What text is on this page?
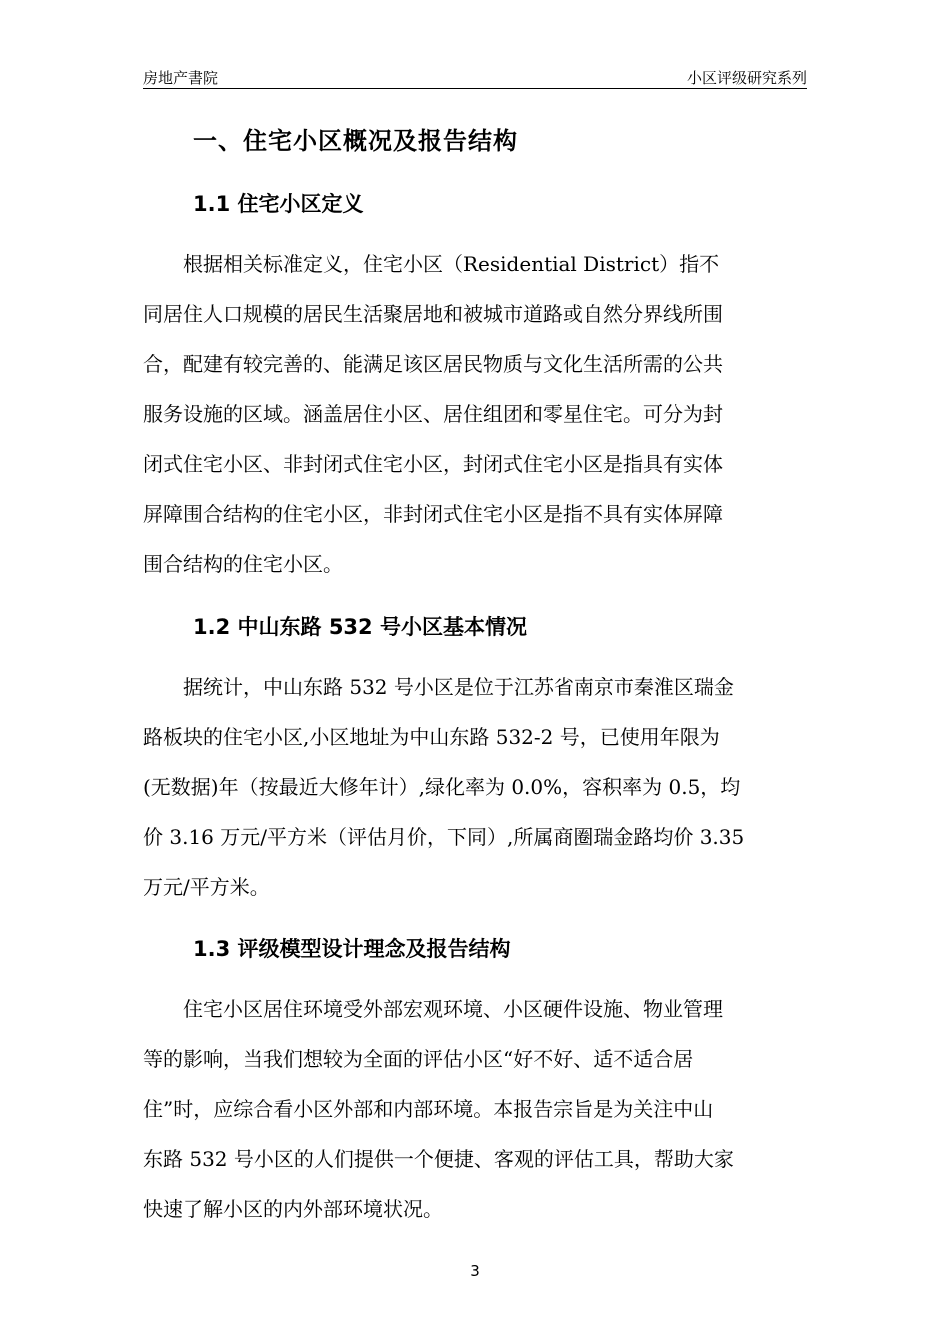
房地产書院	小区评级研究系列
一、住宅小区概况及报告结构
1.1 住宅小区定义
根据相关标准定义，住宅小区（Residential District）指不
同居住人口规模的居民生活聚居地和被城市道路或自然分界线所围
合，配建有较完善的、能满足该区居民物质与文化生活所需的公共
服务设施的区域。涵盖居住小区、居住组团和零星住宅。可分为封
闭式住宅小区、非封闭式住宅小区，封闭式住宅小区是指具有实体
屏障围合结构的住宅小区，非封闭式住宅小区是指不具有实体屏障
围合结构的住宅小区。
1.2 中山东路 532 号小区基本情况
据统计，中山东路 532 号小区是位于江苏省南京市秦淮区瑞金
路板块的住宅小区,小区地址为中山东路 532-2 号，已使用年限为
(无数据)年（按最近大修年计）,绿化率为 0.0%，容积率为 0.5，均
价 3.16 万元/平方米（评估月价，下同）,所属商圈瑞金路均价 3.35
万元/平方米。
1.3 评级模型设计理念及报告结构
住宅小区居住环境受外部宏观环境、小区硬件设施、物业管理
等的影响，当我们想较为全面的评估小区“好不好、适不适合居
住”时，应综合看小区外部和内部环境。本报告宗旨是为关注中山
东路 532 号小区的人们提供一个便捷、客观的评估工具，帮助大家
快速了解小区的内外部环境状况。
3
